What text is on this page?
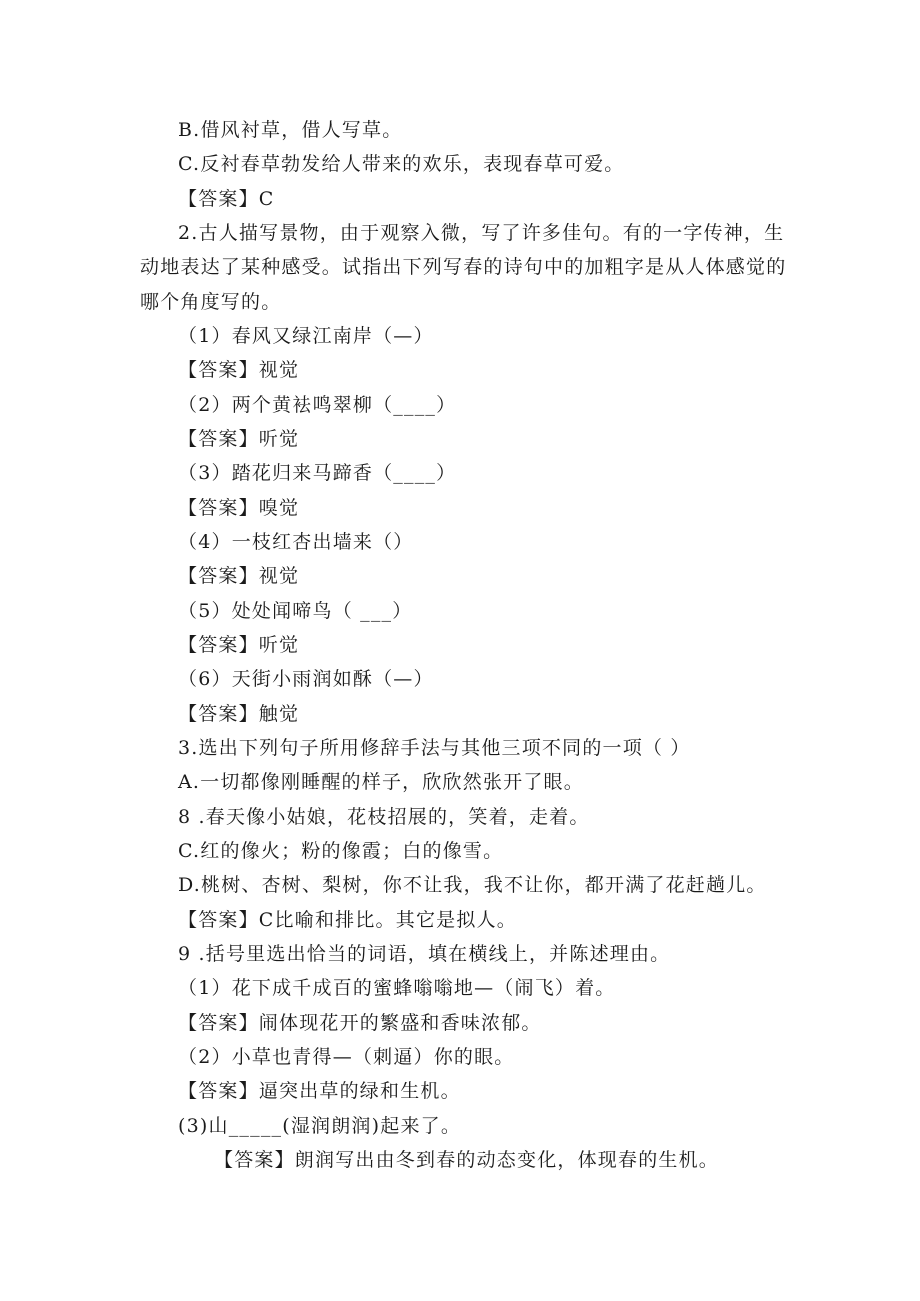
B.借风衬草，借人写草。
C.反衬春草勃发给人带来的欢乐，表现春草可爱。
【答案】C
2.古人描写景物，由于观察入微，写了许多佳句。有的一字传神，生
动地表达了某种感受。试指出下列写春的诗句中的加粗字是从人体感觉的
哪个角度写的。
（1）春风又绿江南岸（—）
【答案】视觉
（2）两个黄袪鸣翠柳（____）
【答案】听觉
（3）踏花归来马蹄香（____）
【答案】嗅觉
（4）一枝红杏出墙来（）
【答案】视觉
（5）处处闻啼鸟（ ___）
【答案】听觉
（6）天街小雨润如酥（—）
【答案】触觉
3.选出下列句子所用修辞手法与其他三项不同的一项（ ）
A.一切都像刚睡醒的样子，欣欣然张开了眼。
8 .春天像小姑娘，花枝招展的，笑着，走着。
C.红的像火；粉的像霞；白的像雪。
D.桃树、杏树、梨树，你不让我，我不让你，都开满了花赶趟儿。
【答案】C比喻和排比。其它是拟人。
9 .括号里选出恰当的词语，填在横线上，并陈述理由。
（1）花下成千成百的蜜蜂嗡嗡地—（闹飞）着。
【答案】闹体现花开的繁盛和香味浓郁。
（2）小草也青得—（刺逼）你的眼。
【答案】逼突出草的绿和生机。
(3)山_____(湿润朗润)起来了。
【答案】朗润写出由冬到春的动态变化，体现春的生机。
